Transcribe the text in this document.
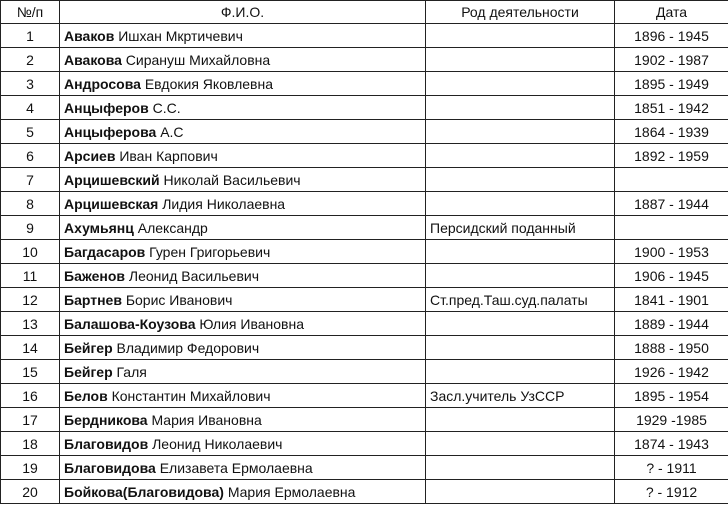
№/п	Ф.И.О.	Род деятельности	Дата
1	Аваков Ишхан Мкртичевич		1896 - 1945
2	Авакова Сирануш Михайловна		1902 - 1987
3	Андросова Евдокия Яковлевна		1895 - 1949
4	Анцыферов С.С.		1851 - 1942
5	Анцыферова А.С		1864 - 1939
6	Арсиев Иван Карпович		1892 - 1959
7	Арцишевский Николай Васильевич		
8	Арцишевская Лидия Николаевна		1887 - 1944
9	Ахумьянц Александр	Персидский поданный	
10	Багдасаров Гурен Григорьевич		1900 - 1953
11	Баженов Леонид Васильевич		1906 - 1945
12	Бартнев Борис Иванович	Ст.пред.Таш.суд.палаты	1841 - 1901
13	Балашова-Коузова Юлия Ивановна		1889 - 1944
14	Бейгер Владимир Федорович		1888 - 1950
15	Бейгер Галя		1926 - 1942
16	Белов Константин Михайлович	Засл.учитель УзССР	1895 - 1954
17	Бердникова Мария Ивановна		1929 -1985
18	Благовидов Леонид Николаевич		1874 - 1943
19	Благовидова Елизавета Ермолаевна		? - 1911
20	Бойкова(Благовидова) Мария Ермолаевна		? - 1912
